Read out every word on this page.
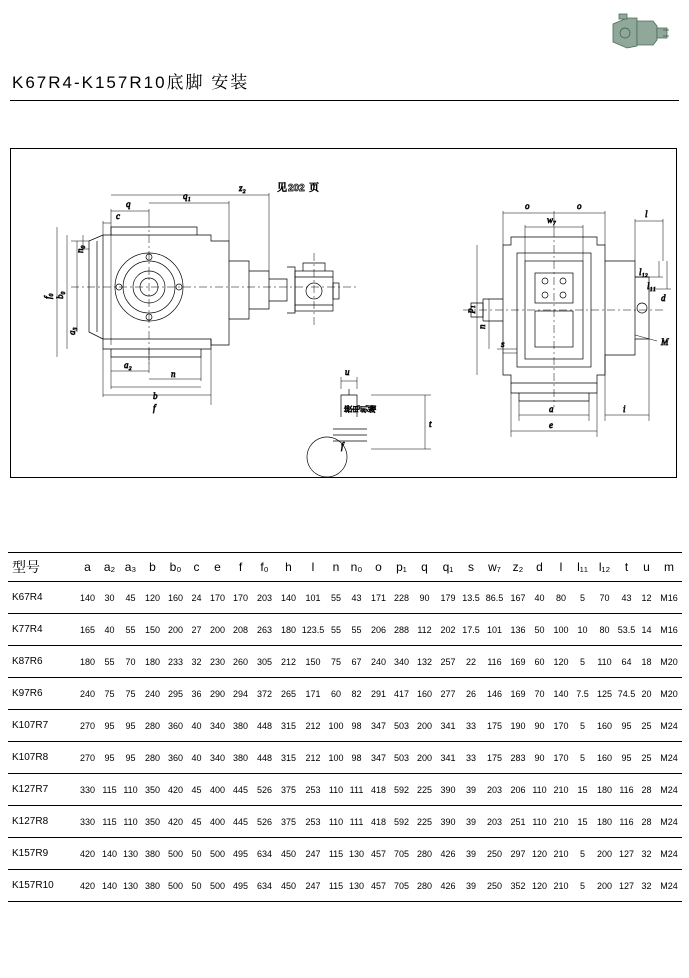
K67R4-K157R10底脚 安装
q
q₁
z₂	见 202 页
c
n₀
f₀ b₀
a₃
a₂
n
b
f
f
接电机端
u
t
o	o
w₇
l
l₁₂
l₁₁
p₁
n
s
d
M
a	i
e
型号	a	a₂	a₃	b	b₀	c	e	f	f₀	h	l	n	n₀	o	p₁	q	q₁	s	w₇	z₂	d	l	l₁₁	l₁₂	t	u	m
K67R4	140	30	45	120	160	24	170	170	203	140	101	55	43	171	228	90	179	13.5	86.5	167	40	80	5	70	43	12	M16
K77R4	165	40	55	150	200	27	200	208	263	180	123.5	55	55	206	288	112	202	17.5	101	136	50	100	10	80	53.5	14	M16
K87R6	180	55	70	180	233	32	230	260	305	212	150	75	67	240	340	132	257	22	116	169	60	120	5	110	64	18	M20
K97R6	240	75	75	240	295	36	290	294	372	265	171	60	82	291	417	160	277	26	146	169	70	140	7.5	125	74.5	20	M20
K107R7	270	95	95	280	360	40	340	380	448	315	212	100	98	347	503	200	341	33	175	190	90	170	5	160	95	25	M24
K107R8	270	95	95	280	360	40	340	380	448	315	212	100	98	347	503	200	341	33	175	283	90	170	5	160	95	25	M24
K127R7	330	115	110	350	420	45	400	445	526	375	253	110	111	418	592	225	390	39	203	206	110	210	15	180	116	28	M24
K127R8	330	115	110	350	420	45	400	445	526	375	253	110	111	418	592	225	390	39	203	251	110	210	15	180	116	28	M24
K157R9	420	140	130	380	500	50	500	495	634	450	247	115	130	457	705	280	426	39	250	297	120	210	5	200	127	32	M24
K157R10	420	140	130	380	500	50	500	495	634	450	247	115	130	457	705	280	426	39	250	352	120	210	5	200	127	32	M24
